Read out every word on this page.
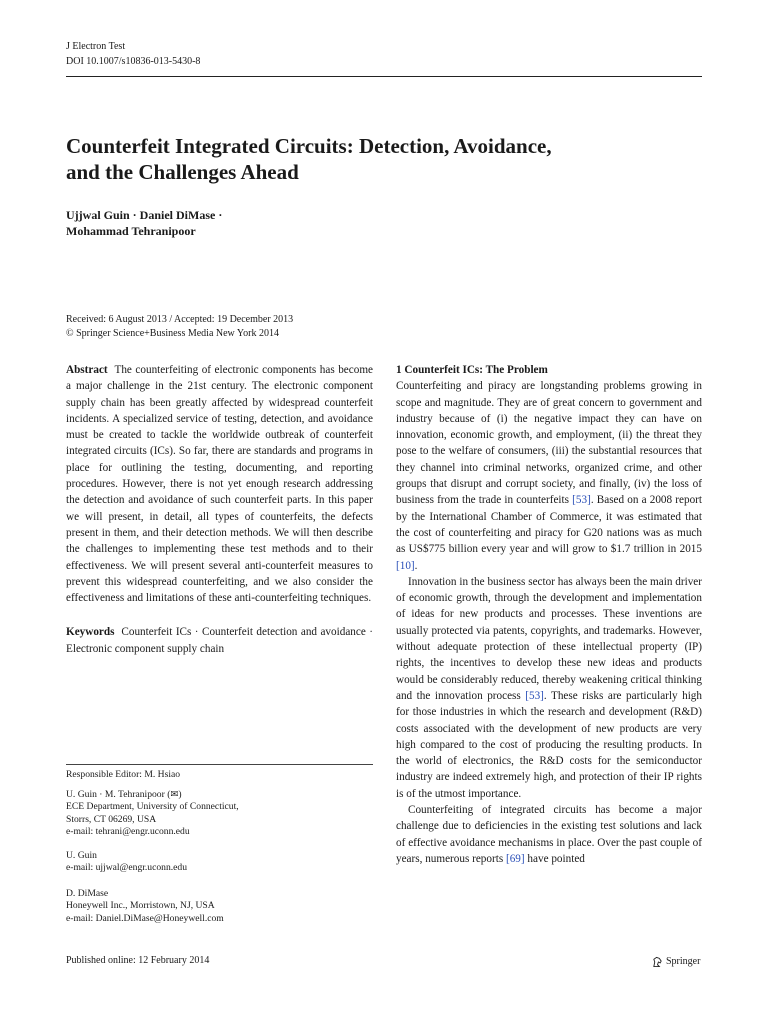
J Electron Test
DOI 10.1007/s10836-013-5430-8
Counterfeit Integrated Circuits: Detection, Avoidance,
and the Challenges Ahead
Ujjwal Guin · Daniel DiMase ·
Mohammad Tehranipoor
Received: 6 August 2013 / Accepted: 19 December 2013
© Springer Science+Business Media New York 2014

Abstract The counterfeiting of electronic components has become a major challenge in the 21st century. The electronic component supply chain has been greatly affected by widespread counterfeit incidents. A specialized service of testing, detection, and avoidance must be created to tackle the worldwide outbreak of counterfeit integrated circuits (ICs). So far, there are standards and programs in place for outlining the testing, documenting, and reporting procedures. However, there is not yet enough research addressing the detection and avoidance of such counterfeit parts. In this paper we will present, in detail, all types of counterfeits, the defects present in them, and their detection methods. We will then describe the challenges to implementing these test methods and to their effectiveness. We will present several anti-counterfeit measures to prevent this widespread counterfeiting, and we also consider the effectiveness and limitations of these anti-counterfeiting techniques.

Keywords Counterfeit ICs · Counterfeit detection and avoidance · Electronic component supply chain

Responsible Editor: M. Hsiao

U. Guin · M. Tehranipoor (✉)

ECE Department, University of Connecticut,

Storrs, CT 06269, USA

e-mail: tehrani@engr.uconn.edu

U. Guin

e-mail: ujjwal@engr.uconn.edu

D. DiMase

Honeywell Inc., Morristown, NJ, USA

e-mail: Daniel.DiMase@Honeywell.com

1 Counterfeit ICs: The Problem

Counterfeiting and piracy are longstanding problems growing in scope and magnitude. They are of great concern to government and industry because of (i) the negative impact they can have on innovation, economic growth, and employment, (ii) the threat they pose to the welfare of consumers, (iii) the substantial resources that they channel into criminal networks, organized crime, and other groups that disrupt and corrupt society, and finally, (iv) the loss of business from the trade in counterfeits [53]. Based on a 2008 report by the International Chamber of Commerce, it was estimated that the cost of counterfeiting and piracy for G20 nations was as much as US$775 billion every year and will grow to $1.7 trillion in 2015 [10].

Innovation in the business sector has always been the main driver of economic growth, through the development and implementation of ideas for new products and processes. These inventions are usually protected via patents, copyrights, and trademarks. However, without adequate protection of these intellectual property (IP) rights, the incentives to develop these new ideas and products would be considerably reduced, thereby weakening critical thinking and the innovation process [53]. These risks are particularly high for those industries in which the research and development (R&D) costs associated with the development of new products are very high compared to the cost of producing the resulting products. In the world of electronics, the R&D costs for the semiconductor industry are indeed extremely high, and protection of their IP rights is of the utmost importance.

Counterfeiting of integrated circuits has become a major challenge due to deficiencies in the existing test solutions and lack of effective avoidance mechanisms in place. Over the past couple of years, numerous reports [69] have pointed

Published online: 12 February 2014	Springer
